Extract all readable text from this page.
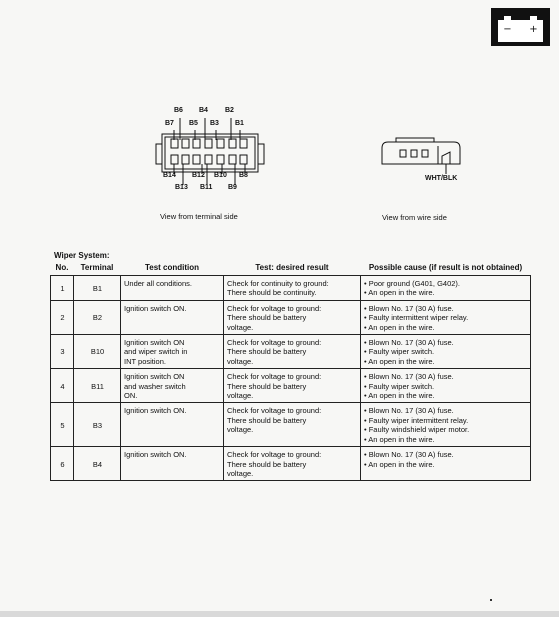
− +
B6 B4 B2
B7 B5 B3 B1
B14 B12 B10 B8
B13 B11 B9
WHT/BLK
View from terminal side	View from wire side
Wiper System:
No.	Terminal	Test condition	Test: desired result	Possible cause (if result is not obtained)
1	B1	Under all conditions.	Check for continuity to ground:
There should be continuity.	• Poor ground (G401, G402).
• An open in the wire.

2	B2	Ignition switch ON.	Check for voltage to ground:
There should be battery
voltage.	• Blown No. 17 (30 A) fuse.
• Faulty intermittent wiper relay.
• An open in the wire.

3	B10	Ignition switch ON
and wiper switch in
INT position.	Check for voltage to ground:
There should be battery
voltage.	• Blown No. 17 (30 A) fuse.
• Faulty wiper switch.
• An open in the wire.

4	B11	Ignition switch ON
and washer switch
ON.	Check for voltage to ground:
There should be battery
voltage.	• Blown No. 17 (30 A) fuse.
• Faulty wiper switch.
• An open in the wire.

5	B3	Ignition switch ON.	Check for voltage to ground:
There should be battery
voltage.	• Blown No. 17 (30 A) fuse.
• Faulty wiper intermittent relay.
• Faulty windshield wiper motor.
• An open in the wire.

6	B4	Ignition switch ON.	Check for voltage to ground:
There should be battery
voltage.	• Blown No. 17 (30 A) fuse.
• An open in the wire.
